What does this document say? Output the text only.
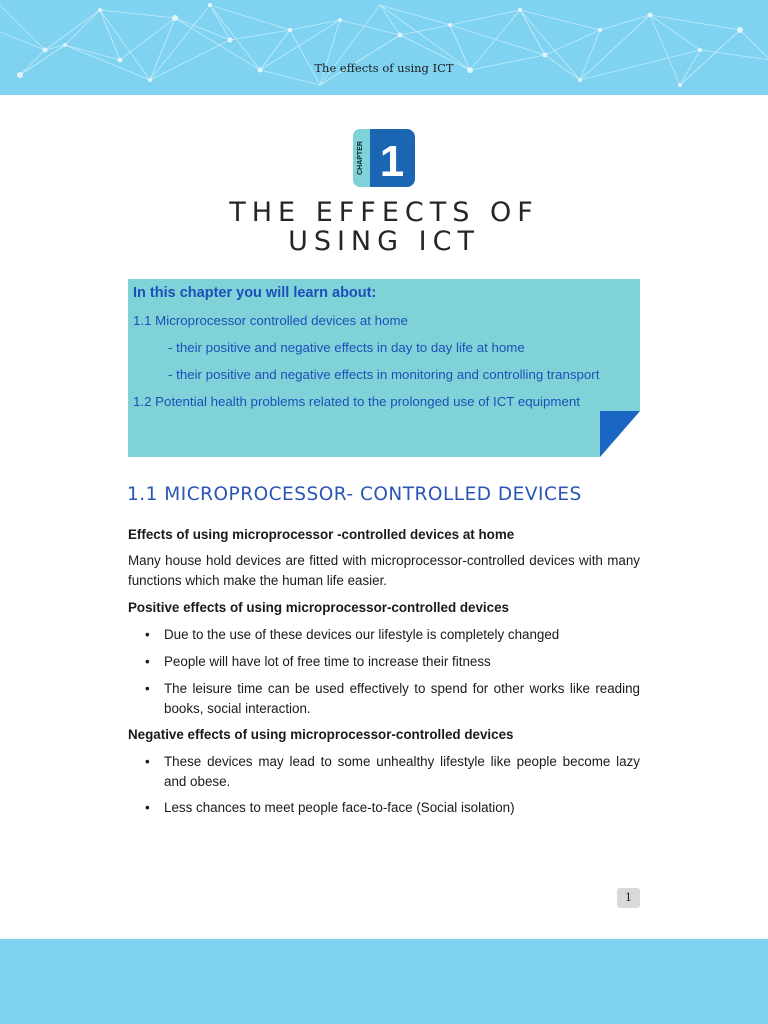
The effects of using ICT
CHAPTER 1
THE EFFECTS OF
USING ICT
In this chapter you will learn about:
1.1 Microprocessor controlled devices at home
- their positive and negative effects in day to day life at home
- their positive and negative effects in monitoring and controlling transport
1.2 Potential health problems related to the prolonged use of ICT equipment
1.1 MICROPROCESSOR- CONTROLLED DEVICES
Effects of using microprocessor -controlled devices at home
Many house hold devices are fitted with microprocessor-controlled devices with many functions which make the human life easier.
Positive effects of using microprocessor-controlled devices
• Due to the use of these devices our lifestyle is completely changed
• People will have lot of free time to increase their fitness
• The leisure time can be used effectively to spend for other works like reading books, social interaction.
Negative effects of using microprocessor-controlled devices
• These devices may lead to some unhealthy lifestyle like people become lazy and obese.
• Less chances to meet people face-to-face (Social isolation)
1
